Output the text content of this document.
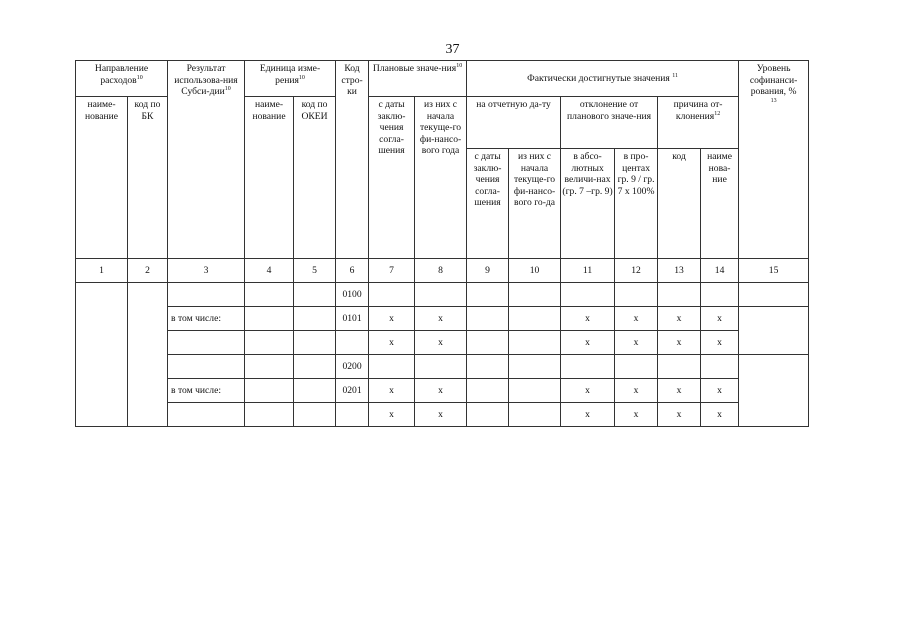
37
Направление расходов$^{10}$		Результат использова-ния Субси-дии$^{10}$	Единица изме-рения$^{10}$		Код стро-ки	Плановые значе-ния$^{10}$		Фактически достигнутые значения $^{11}$						Уровень софинанси-рования, %
$^{13}$
наиме-нование	код по БК		наиме-нование	код по ОКЕИ		с даты заклю-чения согла-шения	из них с начала текуще-го фи-нансо-вого года	на отчетную да-ту		отклонение от планового значе-ния		причина от-клонения$^{12}$
								с даты заклю-чения согла-шения	из них с начала текуще-го фи-нансо-вого го-да	в абсо-лютных величи-нах (гр. 7 –гр. 9)	в про-центах гр. 9 / гр. 7 х 100%	код	наиме нова-ние	
1	2	3	4	5	6	7	8	9	10	11	12	13	14	15
					0100									
		в том числе:			0101	x	x			x	x	x	x	
						x	x			x	x	x	x	
					0200									
		в том числе:			0201	x	x			x	x	x	x	
						x	x			x	x	x	x	
